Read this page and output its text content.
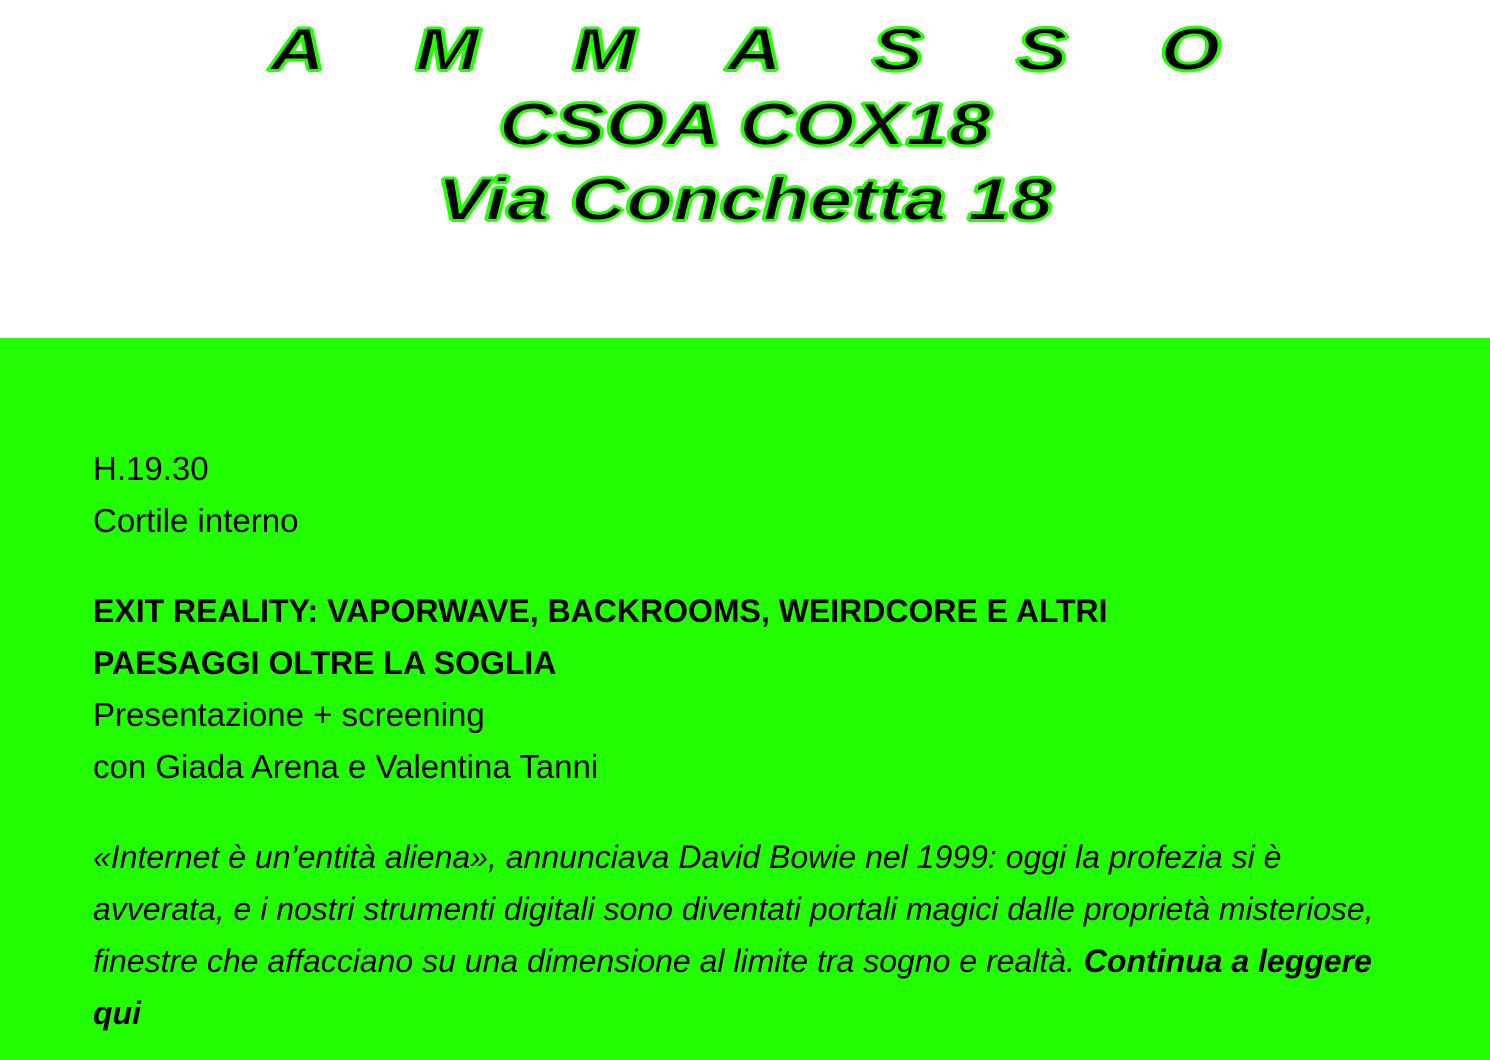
A M M A S S O
CSOA COX18
Via Conchetta 18

H.19.30

Cortile interno

EXIT REALITY: VAPORWAVE, BACKROOMS, WEIRDCORE E ALTRI
PAESAGGI OLTRE LA SOGLIA

Presentazione + screening

con Giada Arena e Valentina Tanni

«Internet è un’entità aliena», annunciava David Bowie nel 1999: oggi la profezia si è avverata, e i nostri strumenti digitali sono diventati portali magici dalle proprietà misteriose, finestre che affacciano su una dimensione al limite tra sogno e realtà. Continua a leggere qui
